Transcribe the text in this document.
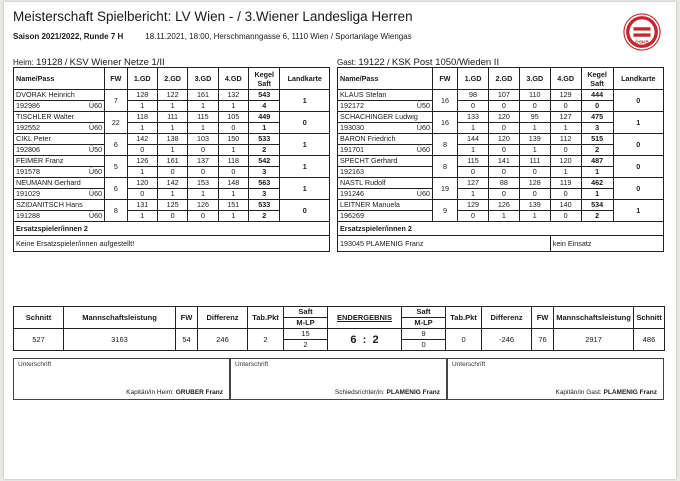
Meisterschaft Spielbericht: LV Wien - / 3.Wiener Landesliga Herren
Saison 2021/2022, Runde 7 H	18.11.2021, 18:00, Herschmanngasse 6, 1110 Wien / Sportanlage Wiengas
ÖSKB
Heim: 19128 / KSV Wiener Netze 1/II	Gast: 19122 / KSK Post 1050/Wieden II
Name/Pass	FW	1.GD	2.GD	3.GD	4.GD	Kegel
Saft	Landkarte
DVORAK Heinrich	7	128	122	161	132	543	1

192986 Ü60		1	1	1	1	4	
TISCHLER Walter	22	118	111	115	105	449	0

192552 Ü60		1	1	1	0	1	
CIKL Peter	6	142	138	103	150	533	1

192806 Ü50		0	1	0	1	2	
FEIMER Franz	5	126	161	137	118	542	1

191578 Ü60		1	0	0	0	3	
NEUMANN Gerhard	6	120	142	153	148	563	1

191029 Ü60		0	1	1	1	3	
SZIDANITSCH Hans	8	131	125	126	151	533	0

191288 Ü60		1	0	0	1	2	
Ersatzspieler/innen 2							
Keine Ersatzspieler/innen aufgestellt!							
Name/Pass	FW	1.GD	2.GD	3.GD	4.GD	Kegel
Saft	Landkarte
KLAUS Stefan	16	98	107	110	129	444	0

192172 Ü50		0	0	0	0	0	
SCHACHINGER Ludwig	16	133	120	95	127	475	1

193030 Ü60		1	0	1	1	3	
BARON Friedrich	8	144	120	139	112	515	0

191701 Ü60		1	0	1	0	2	
SPECHT Gerhard	8	115	141	111	120	487	0

192163		0	0	0	1	1	
NASTL Rudolf	19	127	88	128	119	462	0

191246 Ü60		1	0	0	0	1	
LEITNER Manuela	9	129	126	139	140	534	1

196269		0	1	1	0	2	
Ersatzspieler/innen 2							
193045 PLAMENIG Franz					kein Einsatz		
Schnitt	Mannschaftsleistung	FW	Differenz	Tab.Pkt	Saft	ENDERGEBNIS	Saft	Tab.Pkt	Differenz	FW	Mannschaftsleistung	Schnitt
					M-LP		M-LP					
527	3163	54	246	2	15	6 : 2	9	0	-246	76	2917	486
					2		0					
Unterschrift
Kapitän/in Heim: GRUBER Franz
Unterschrift
Schiedsrichter/in: PLAMENIG Franz
Unterschrift
Kapitän/in Gast: PLAMENIG Franz
